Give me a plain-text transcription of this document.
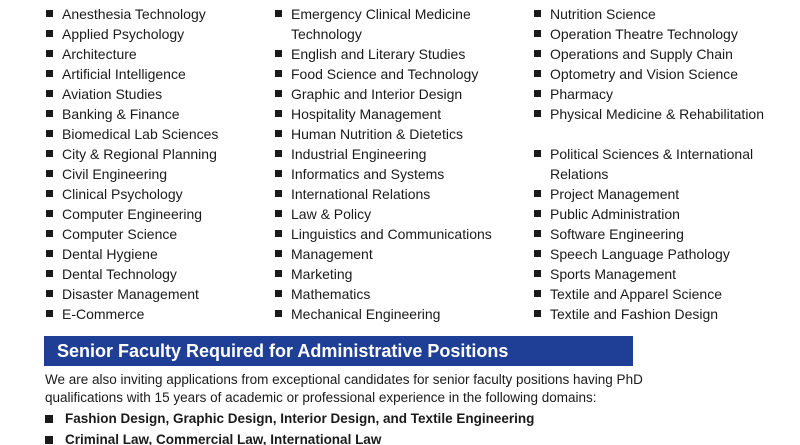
Anesthesia Technology
Applied Psychology
Architecture
Artificial Intelligence
Aviation Studies
Banking & Finance
Biomedical Lab Sciences
City & Regional Planning
Civil Engineering
Clinical Psychology
Computer Engineering
Computer Science
Dental Hygiene
Dental Technology
Disaster Management
E-Commerce
Emergency Clinical Medicine Technology
English and Literary Studies
Food Science and Technology
Graphic and Interior Design
Hospitality Management
Human Nutrition & Dietetics
Industrial Engineering
Informatics and Systems
International Relations
Law & Policy
Linguistics and Communications
Management
Marketing
Mathematics
Mechanical Engineering
Nutrition Science
Operation Theatre Technology
Operations and Supply Chain
Optometry and Vision Science
Pharmacy
Physical Medicine & Rehabilitation
Political Sciences & International Relations
Project Management
Public Administration
Software Engineering
Speech Language Pathology
Sports Management
Textile and Apparel Science
Textile and Fashion Design
Senior Faculty Required for Administrative Positions

We are also inviting applications from exceptional candidates for senior faculty positions having PhD qualifications with 15 years of academic or professional experience in the following domains:

Fashion Design, Graphic Design, Interior Design, and Textile Engineering
Criminal Law, Commercial Law, International Law
